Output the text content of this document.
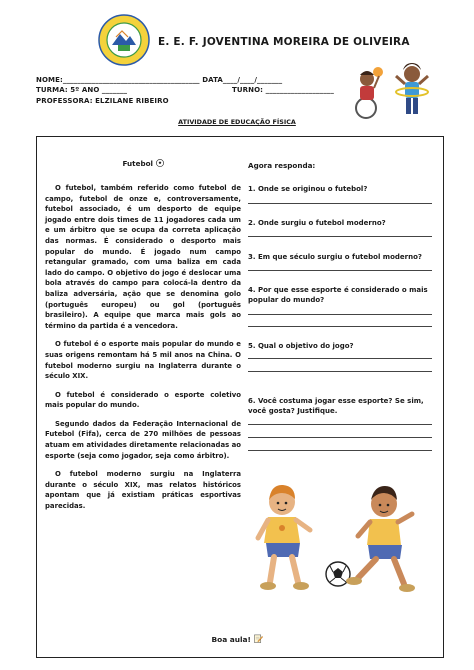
E. E. F. JOVENTINA MOREIRA DE OLIVEIRA
NOME:______________________________________ DATA____/____/_______
TURMA: 5º ANO _______	TURNO: ___________________
PROFESSORA: ELZILANE RIBEIRO
ATIVIDADE DE EDUCAÇÃO FÍSICA
Futebol

O futebol, também referido como futebol de campo, futebol de onze e, controversamente, futebol associado, é um desporto de equipe jogado entre dois times de 11 jogadores cada um e um árbitro que se ocupa da correta aplicação das normas. É considerado o desporto mais popular do mundo. É jogado num campo retangular gramado, com uma baliza em cada lado do campo. O objetivo do jogo é deslocar uma bola através do campo para colocá-la dentro da baliza adversária, ação que se denomina golo (português europeu) ou gol (português brasileiro). A equipe que marca mais gols ao término da partida é a vencedora.

O futebol é o esporte mais popular do mundo e suas origens remontam há 5 mil anos na China. O futebol moderno surgiu na Inglaterra durante o século XIX.

O futebol é considerado o esporte coletivo mais popular do mundo.

Segundo dados da Federação Internacional de Futebol (Fifa), cerca de 270 milhões de pessoas atuam em atividades diretamente relacionadas ao esporte (seja como jogador, seja como árbitro).

O futebol moderno surgiu na Inglaterra durante o século XIX, mas relatos históricos apontam que já existiam práticas esportivas parecidas.

Agora responda:
1. Onde se originou o futebol?
2. Onde surgiu o futebol moderno?
3. Em que século surgiu o futebol moderno?
4. Por que esse esporte é considerado o mais popular do mundo?
5. Qual o objetivo do jogo?
6. Você costuma jogar esse esporte? Se sim, você gosta? Justifique.
Boa aula!
